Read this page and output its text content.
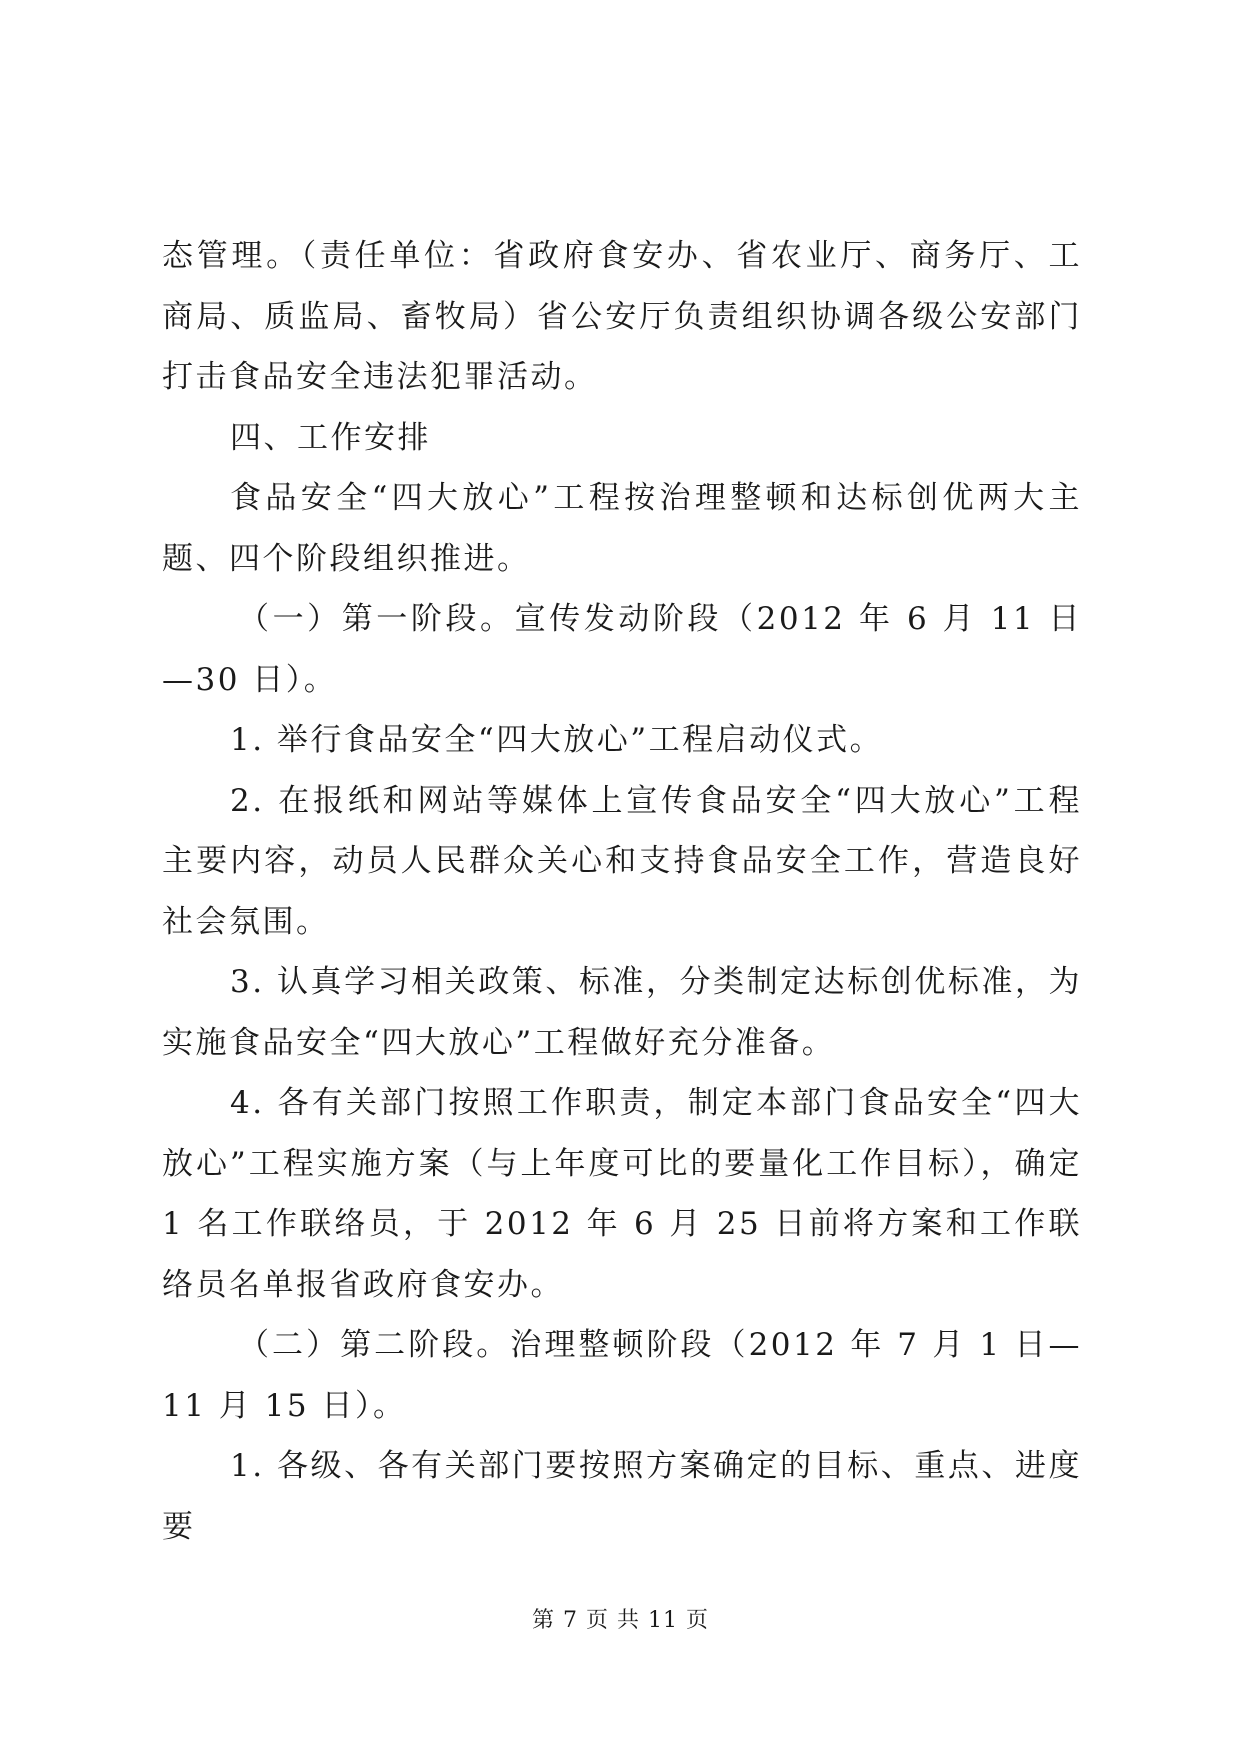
态管理。（责任单位：省政府食安办、省农业厅、商务厅、工商局、质监局、畜牧局）省公安厅负责组织协调各级公安部门打击食品安全违法犯罪活动。

四、工作安排

食品安全“四大放心”工程按治理整顿和达标创优两大主题、四个阶段组织推进。

（一）第一阶段。宣传发动阶段（2012 年 6 月 11 日—30 日）。

1. 举行食品安全“四大放心”工程启动仪式。

2. 在报纸和网站等媒体上宣传食品安全“四大放心”工程主要内容，动员人民群众关心和支持食品安全工作，营造良好社会氛围。

3. 认真学习相关政策、标准，分类制定达标创优标准，为实施食品安全“四大放心”工程做好充分准备。

4. 各有关部门按照工作职责，制定本部门食品安全“四大放心”工程实施方案（与上年度可比的要量化工作目标），确定 1 名工作联络员，于 2012 年 6 月 25 日前将方案和工作联络员名单报省政府食安办。

（二）第二阶段。治理整顿阶段（2012 年 7 月 1 日—11 月 15 日）。

1. 各级、各有关部门要按照方案确定的目标、重点、进度要

第 7 页 共 11 页
